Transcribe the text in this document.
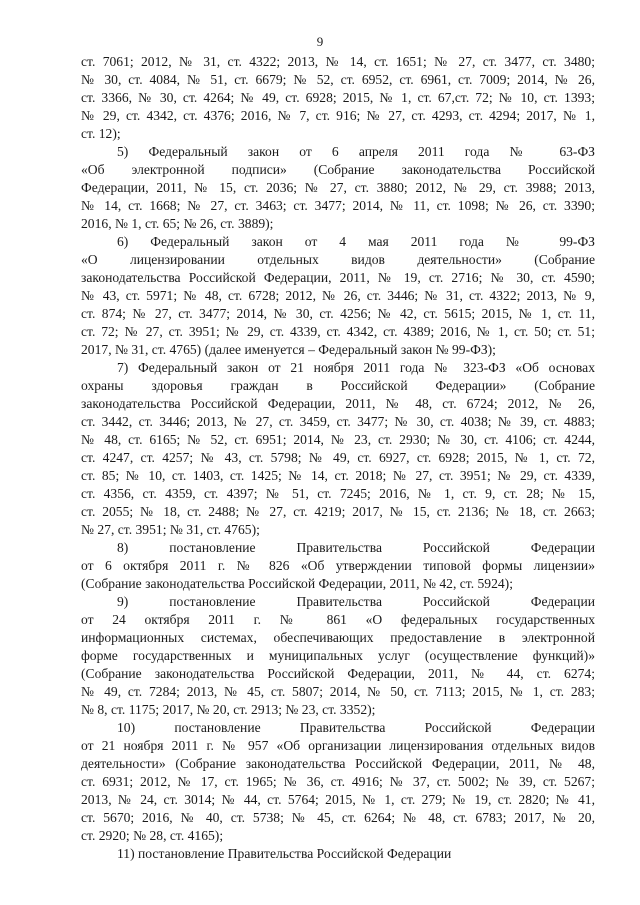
9
ст. 7061; 2012, № 31, ст. 4322; 2013, № 14, ст. 1651; № 27, ст. 3477, ст. 3480;
№ 30, ст. 4084, № 51, ст. 6679; № 52, ст. 6952, ст. 6961, ст. 7009; 2014, № 26,
ст. 3366, № 30, ст. 4264; № 49, ст. 6928; 2015, № 1, ст. 67,ст. 72; № 10, ст. 1393;
№ 29, ст. 4342, ст. 4376; 2016, № 7, ст. 916; № 27, ст. 4293, ст. 4294; 2017, № 1,
ст. 12);
5) Федеральный закон от 6 апреля 2011 года № 63-ФЗ
«Об электронной подписи» (Собрание законодательства Российской
Федерации, 2011, № 15, ст. 2036; № 27, ст. 3880; 2012, № 29, ст. 3988; 2013,
№ 14, ст. 1668; № 27, ст. 3463; ст. 3477; 2014, № 11, ст. 1098; № 26, ст. 3390;
2016, № 1, ст. 65; № 26, ст. 3889);
6) Федеральный закон от 4 мая 2011 года № 99-ФЗ
«О лицензировании отдельных видов деятельности» (Собрание
законодательства Российской Федерации, 2011, № 19, ст. 2716; № 30, ст. 4590;
№ 43, ст. 5971; № 48, ст. 6728; 2012, № 26, ст. 3446; № 31, ст. 4322; 2013, № 9,
ст. 874; № 27, ст. 3477; 2014, № 30, ст. 4256; № 42, ст. 5615; 2015, № 1, ст. 11,
ст. 72; № 27, ст. 3951; № 29, ст. 4339, ст. 4342, ст. 4389; 2016, № 1, ст. 50; ст. 51;
2017, № 31, ст. 4765) (далее именуется – Федеральный закон № 99-ФЗ);
7) Федеральный закон от 21 ноября 2011 года № 323-ФЗ «Об основах
охраны здоровья граждан в Российской Федерации» (Собрание
законодательства Российской Федерации, 2011, № 48, ст. 6724; 2012, № 26,
ст. 3442, ст. 3446; 2013, № 27, ст. 3459, ст. 3477; № 30, ст. 4038; № 39, ст. 4883;
№ 48, ст. 6165; № 52, ст. 6951; 2014, № 23, ст. 2930; № 30, ст. 4106; ст. 4244,
ст. 4247, ст. 4257; № 43, ст. 5798; № 49, ст. 6927, ст. 6928; 2015, № 1, ст. 72,
ст. 85; № 10, ст. 1403, ст. 1425; № 14, ст. 2018; № 27, ст. 3951; № 29, ст. 4339,
ст. 4356, ст. 4359, ст. 4397; № 51, ст. 7245; 2016, № 1, ст. 9, ст. 28; № 15,
ст. 2055; № 18, ст. 2488; № 27, ст. 4219; 2017, № 15, ст. 2136; № 18, ст. 2663;
№ 27, ст. 3951; № 31, ст. 4765);
8) постановление Правительства Российской Федерации
от 6 октября 2011 г. № 826 «Об утверждении типовой формы лицензии»
(Собрание законодательства Российской Федерации, 2011, № 42, ст. 5924);
9) постановление Правительства Российской Федерации
от 24 октября 2011 г. № 861 «О федеральных государственных
информационных системах, обеспечивающих предоставление в электронной
форме государственных и муниципальных услуг (осуществление функций)»
(Собрание законодательства Российской Федерации, 2011, № 44, ст. 6274;
№ 49, ст. 7284; 2013, № 45, ст. 5807; 2014, № 50, ст. 7113; 2015, № 1, ст. 283;
№ 8, ст. 1175; 2017, № 20, ст. 2913; № 23, ст. 3352);
10) постановление Правительства Российской Федерации
от 21 ноября 2011 г. № 957 «Об организации лицензирования отдельных видов
деятельности» (Собрание законодательства Российской Федерации, 2011, № 48,
ст. 6931; 2012, № 17, ст. 1965; № 36, ст. 4916; № 37, ст. 5002; № 39, ст. 5267;
2013, № 24, ст. 3014; № 44, ст. 5764; 2015, № 1, ст. 279; № 19, ст. 2820; № 41,
ст. 5670; 2016, № 40, ст. 5738; № 45, ст. 6264; № 48, ст. 6783; 2017, № 20,
ст. 2920; № 28, ст. 4165);
11) постановление Правительства Российской Федерации
